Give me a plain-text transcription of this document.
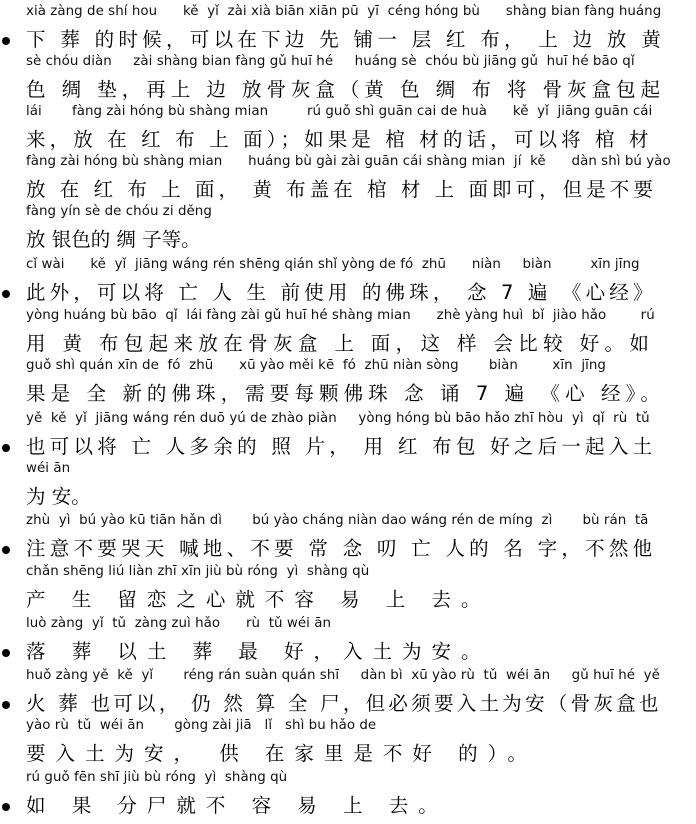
xià zàng de shí hou      kě  yǐ  zài xià biān xiān pū  yī  céng hóng bù      shàng bian fàng huáng
下 葬 的时候，可以在下边 先 铺一 层 红 布， 上 边 放 黄
sè chóu diàn     zài shàng bian fàng gǔ huī hé     huáng sè  chóu bù jiāng gǔ  huī hé bāo qǐ
色 绸 垫，再上 边 放骨灰盒（黄 色 绸 布 将 骨灰盒包起
lái       fàng zài hóng bù shàng mian         rú guǒ shì guān cai de huà      kě  yǐ  jiāng guān cái
来，放 在 红 布 上 面）；如果是 棺 材的话，可以将 棺 材
fàng zài hóng bù shàng mian      huáng bù gài zài guān cái shàng mian  jí  kě      dàn shì bú yào
放 在 红 布 上 面， 黄 布盖在 棺 材 上 面即可，但是不要
fàng yín sè de chóu zi děng
放 银色的 绸 子等。
cǐ wài      kě  yǐ  jiāng wáng rén shēng qián shǐ yòng de fó  zhū      niàn     biàn         xīn jīng
此外，可以将 亡 人 生 前使用 的佛珠， 念 7 遍 《心经》
yòng huáng bù bāo  qǐ  lái fàng zài gǔ huī hé shàng mian      zhè yàng huì  bǐ  jiào hǎo        rú
用 黄 布包起来放在骨灰盒 上 面，这 样 会比较 好。如
guǒ shì quán xīn de  fó  zhū      xū yào měi kē  fó  zhū niàn sòng       biàn        xīn  jīng
果是 全 新的佛珠，需要每颗佛珠 念 诵 7 遍 《心 经》。
yě  kě  yǐ  jiāng wáng rén duō yú de zhào piàn     yòng hóng bù bāo hǎo zhī hòu  yì  qǐ  rù  tǔ
也可以将 亡 人多余的 照 片， 用 红 布包 好之后一起入土
wéi ān
为 安。
zhù  yì  bú yào kū tiān hǎn dì       bú yào cháng niàn dao wáng rén de míng  zì       bù rán  tā
注意不要哭天 喊地、不要 常 念 叨 亡 人的 名 字，不然他
chǎn shēng liú liàn zhī xīn jiù bù róng  yì  shàng qù
产 生 留恋之心就不容 易 上 去。
luò zàng  yǐ  tǔ  zàng zuì hǎo      rù  tǔ wéi ān
落 葬 以土 葬 最 好，入土为安。
huǒ zàng yě  kě  yǐ       réng rán suàn quán shī     dàn bì  xū yào rù  tǔ  wéi ān     gǔ huī hé  yě
火 葬 也可以， 仍 然 算 全 尸，但必须要入土为安（骨灰盒也
yào rù  tǔ  wéi ān       gòng zài jiā   lǐ   shì bu hǎo de
要入土为安， 供 在家里是不好 的）。
rú guǒ fēn shī jiù bù róng  yì  shàng qù
如 果 分尸就不 容 易 上 去。
